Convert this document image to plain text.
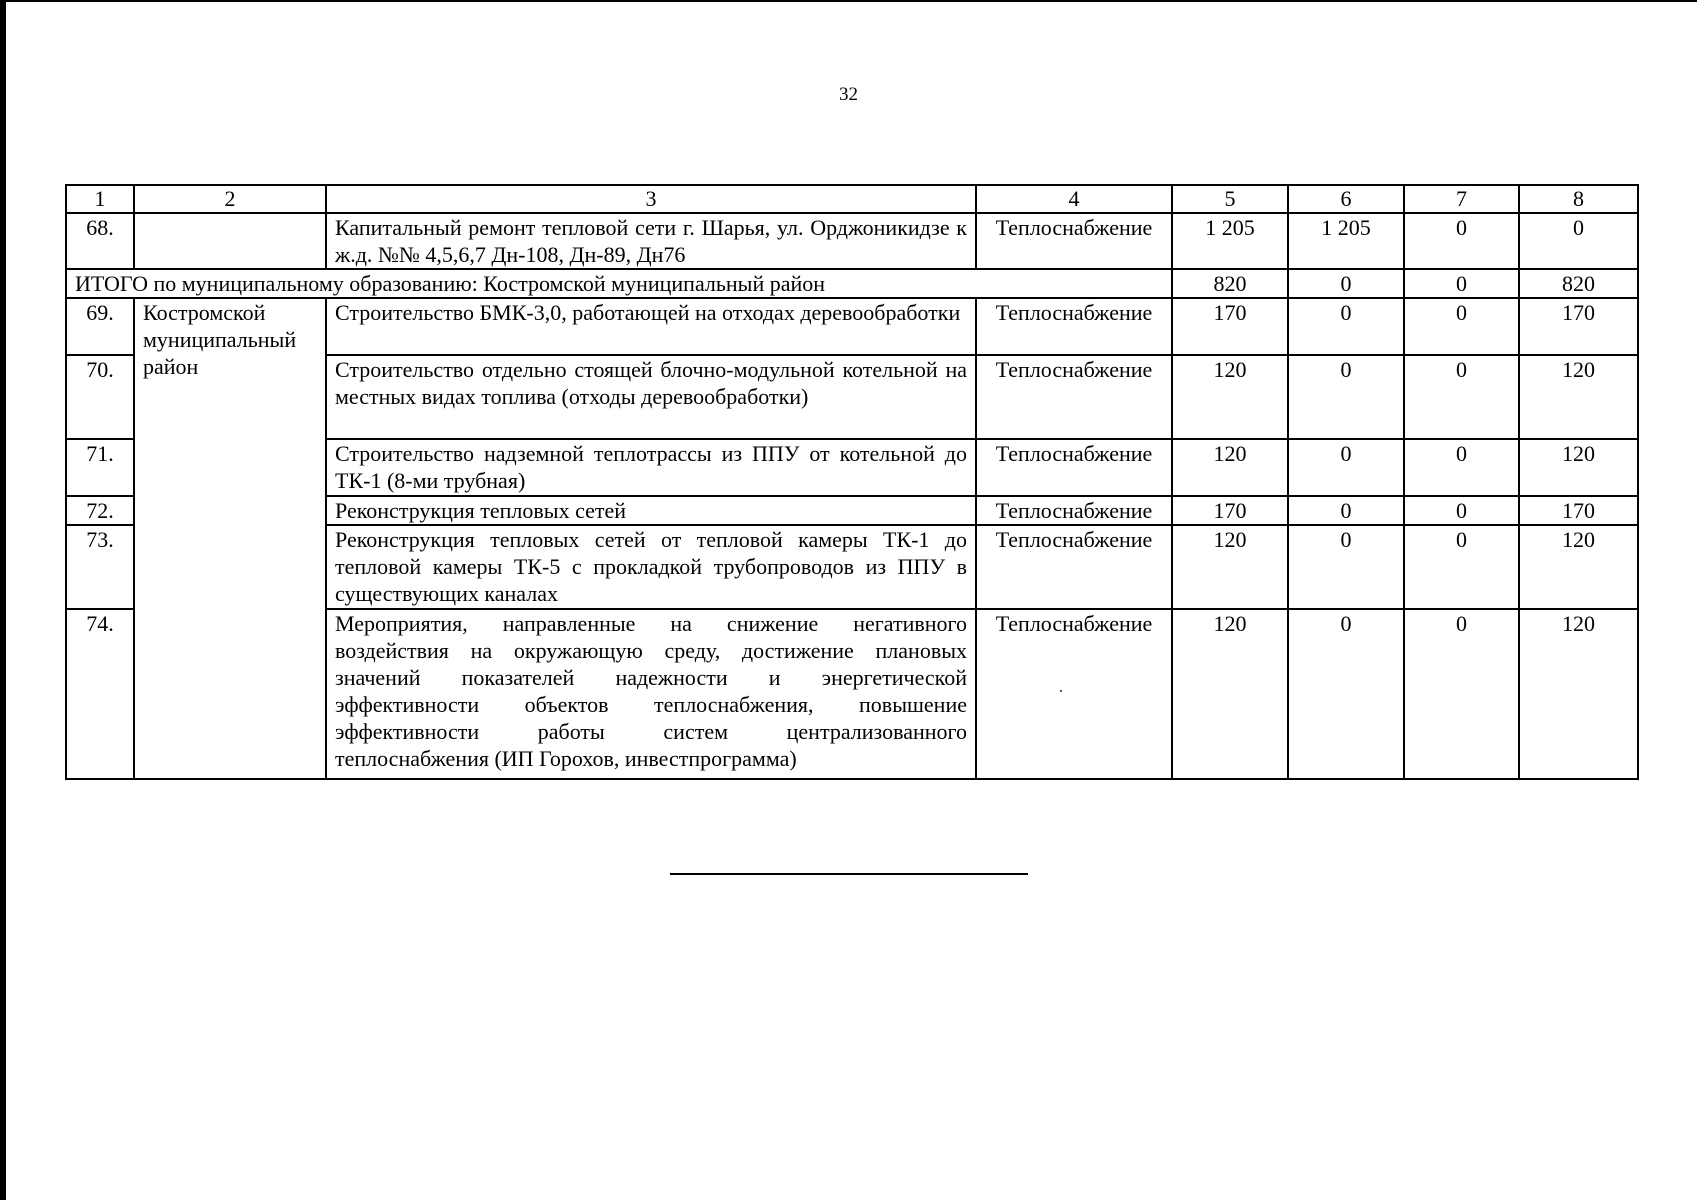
32
1	2	3	4	5	6	7	8
68.		Капитальный ремонт тепловой сети г. Шарья, ул. Орджоникидзе к ж.д. №№ 4,5,6,7 Дн-108, Дн-89, Дн76	Теплоснабжение	1 205	1 205	0	0
ИТОГО по муниципальному образованию: Костромской муниципальный район				820	0	0	820
69.	Костромской муниципальный район	Строительство БМК-3,0, работающей на отходах деревообработки	Теплоснабжение	170	0	0	170
70.		Строительство отдельно стоящей блочно-модульной котельной на местных видах топлива (отходы деревообработки)	Теплоснабжение	120	0	0	120
71.		Строительство надземной теплотрассы из ППУ от котельной до ТК-1 (8-ми трубная)	Теплоснабжение	120	0	0	120
72.		Реконструкция тепловых сетей	Теплоснабжение	170	0	0	170
73.		Реконструкция тепловых сетей от тепловой камеры ТК-1 до тепловой камеры ТК-5 с прокладкой трубопроводов из ППУ в существующих каналах	Теплоснабжение	120	0	0	120
74.		Мероприятия, направленные на снижение негативного воздействия на окружающую среду, достижение плановых значений показателей надежности и энергетической эффективности объектов теплоснабжения, повышение эффективности работы систем централизованного теплоснабжения (ИП Горохов, инвестпрограмма)	Теплоснабжение	120	0	0	120
